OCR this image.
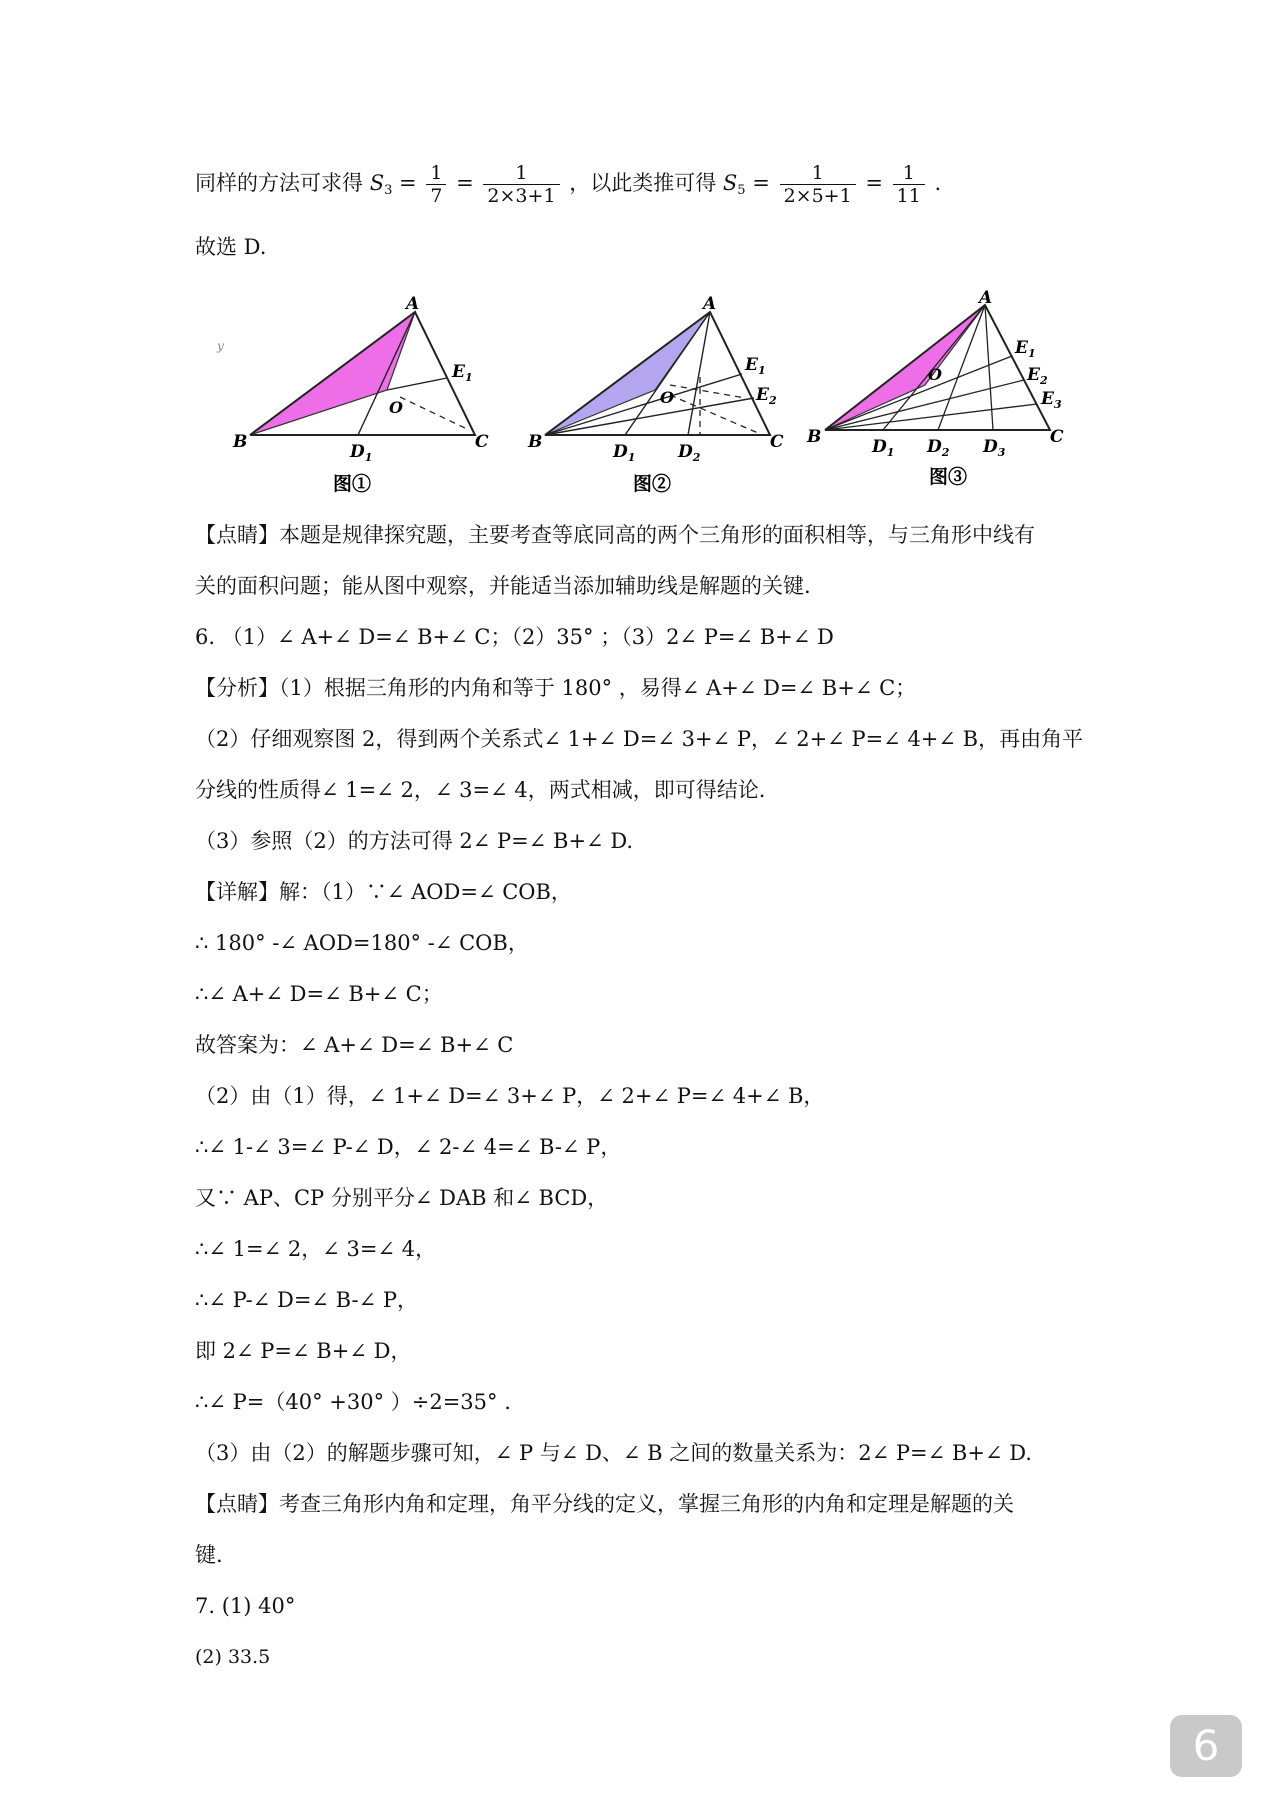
同样的方法可求得 $S_3 = \frac{1}{7} = \frac{1}{2\times 3+1}$ ，以此类推可得 $S_5 = \frac{1}{2\times 5+1} = \frac{1}{11}$ .
故选 D.
y
A
B	C
O
$D_1$
$E_1$
图①
A
B	C
O
$D_1$	$D_2$
$E_1$
$E_2$
图②
A
B	C
O
$D_1$ $D_2$ $D_3$
$E_1$
$E_2$
$E_3$
图③
【点睛】本题是规律探究题，主要考查等底同高的两个三角形的面积相等，与三角形中线有
关的面积问题；能从图中观察，并能适当添加辅助线是解题的关键.
6. （1）∠ A+∠ D=∠ B+∠ C；（2）35° ；（3）2∠ P=∠ B+∠ D
【分析】（1）根据三角形的内角和等于 180° ，易得∠ A+∠ D=∠ B+∠ C；
（2）仔细观察图 2，得到两个关系式∠ 1+∠ D=∠ 3+∠ P，∠ 2+∠ P=∠ 4+∠ B，再由角平
分线的性质得∠ 1=∠ 2，∠ 3=∠ 4，两式相减，即可得结论.
（3）参照（2）的方法可得 2∠ P=∠ B+∠ D.
【详解】解：（1）∵∠ AOD=∠ COB，
∴ 180° -∠ AOD=180° -∠ COB，
∴∠ A+∠ D=∠ B+∠ C；
故答案为：∠ A+∠ D=∠ B+∠ C
（2）由（1）得，∠ 1+∠ D=∠ 3+∠ P，∠ 2+∠ P=∠ 4+∠ B，
∴∠ 1-∠ 3=∠ P-∠ D，∠ 2-∠ 4=∠ B-∠ P，
又∵ AP、CP 分别平分∠ DAB 和∠ BCD，
∴∠ 1=∠ 2，∠ 3=∠ 4，
∴∠ P-∠ D=∠ B-∠ P，
即 2∠ P=∠ B+∠ D，
∴∠ P=（40° +30° ）÷2=35° .
（3）由（2）的解题步骤可知，∠ P 与∠ D、∠ B 之间的数量关系为：2∠ P=∠ B+∠ D.
【点睛】考查三角形内角和定理，角平分线的定义，掌握三角形的内角和定理是解题的关
键.
7. (1) 40°
(2) 33.5
6
